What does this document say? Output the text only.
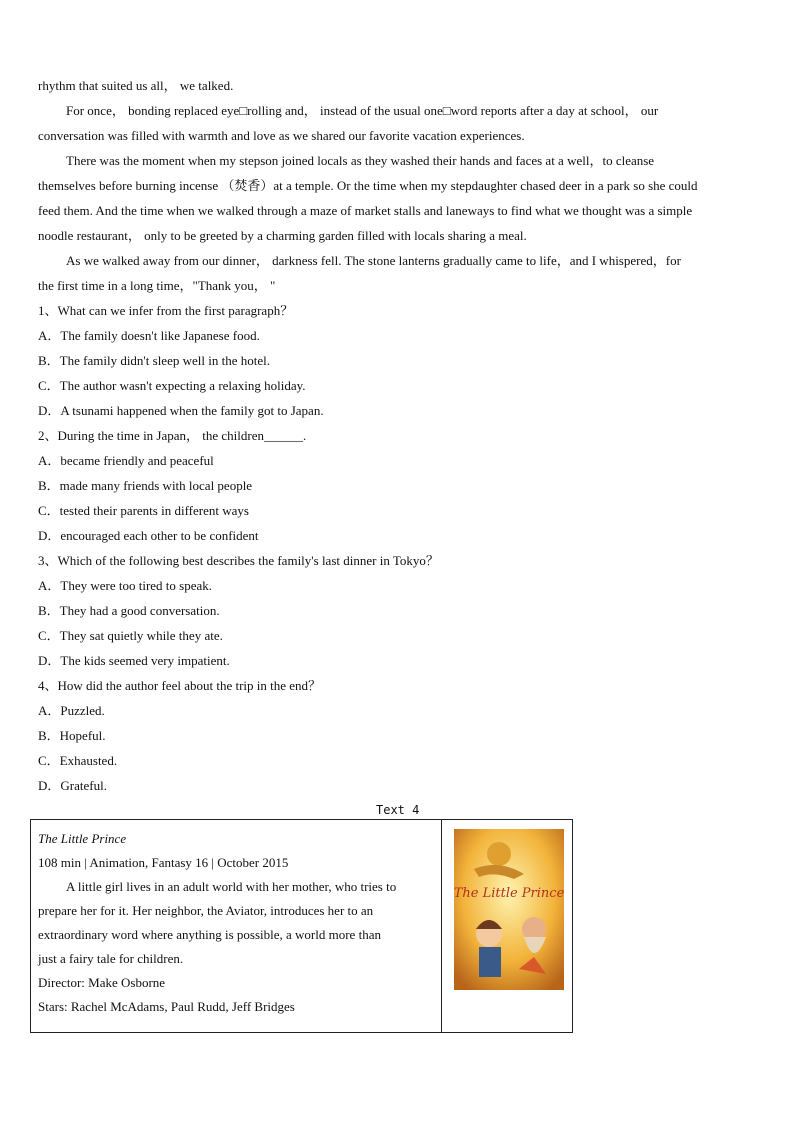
rhythm that suited us all， we talked.
For once， bonding replaced eye□rolling and， instead of the usual one□word reports after a day at school， our
conversation was filled with warmth and love as we shared our favorite vacation experiences.
There was the moment when my stepson joined locals as they washed their hands and faces at a well，to cleanse
themselves before burning incense （焚香）at a temple. Or the time when my stepdaughter chased deer in a park so she could
feed them. And the time when we walked through a maze of market stalls and laneways to find what we thought was a simple
noodle restaurant， only to be greeted by a charming garden filled with locals sharing a meal.
As we walked away from our dinner， darkness fell. The stone lanterns gradually came to life，and I whispered，for
the first time in a long time，"Thank you， "
1、What can we infer from the first paragraph？
A．The family doesn't like Japanese food.
B．The family didn't sleep well in the hotel.
C．The author wasn't expecting a relaxing holiday.
D．A tsunami happened when the family got to Japan.
2、During the time in Japan， the children______.
A．became friendly and peaceful
B．made many friends with local people
C．tested their parents in different ways
D．encouraged each other to be confident
3、Which of the following best describes the family's last dinner in Tokyo？
A．They were too tired to speak.
B．They had a good conversation.
C．They sat quietly while they ate.
D．The kids seemed very impatient.
4、How did the author feel about the trip in the end？
A．Puzzled.
B．Hopeful.
C．Exhausted.
D．Grateful.
Text 4
The Little Prince
108 min | Animation, Fantasy 16 | October 2015
A little girl lives in an adult world with her mother, who tries to
prepare her for it. Her neighbor, the Aviator, introduces her to an
extraordinary word where anything is possible, a world more than
just a fairy tale for children.
Director: Make Osborne
Stars: Rachel McAdams, Paul Rudd, Jeff Bridges
The Little Prince
